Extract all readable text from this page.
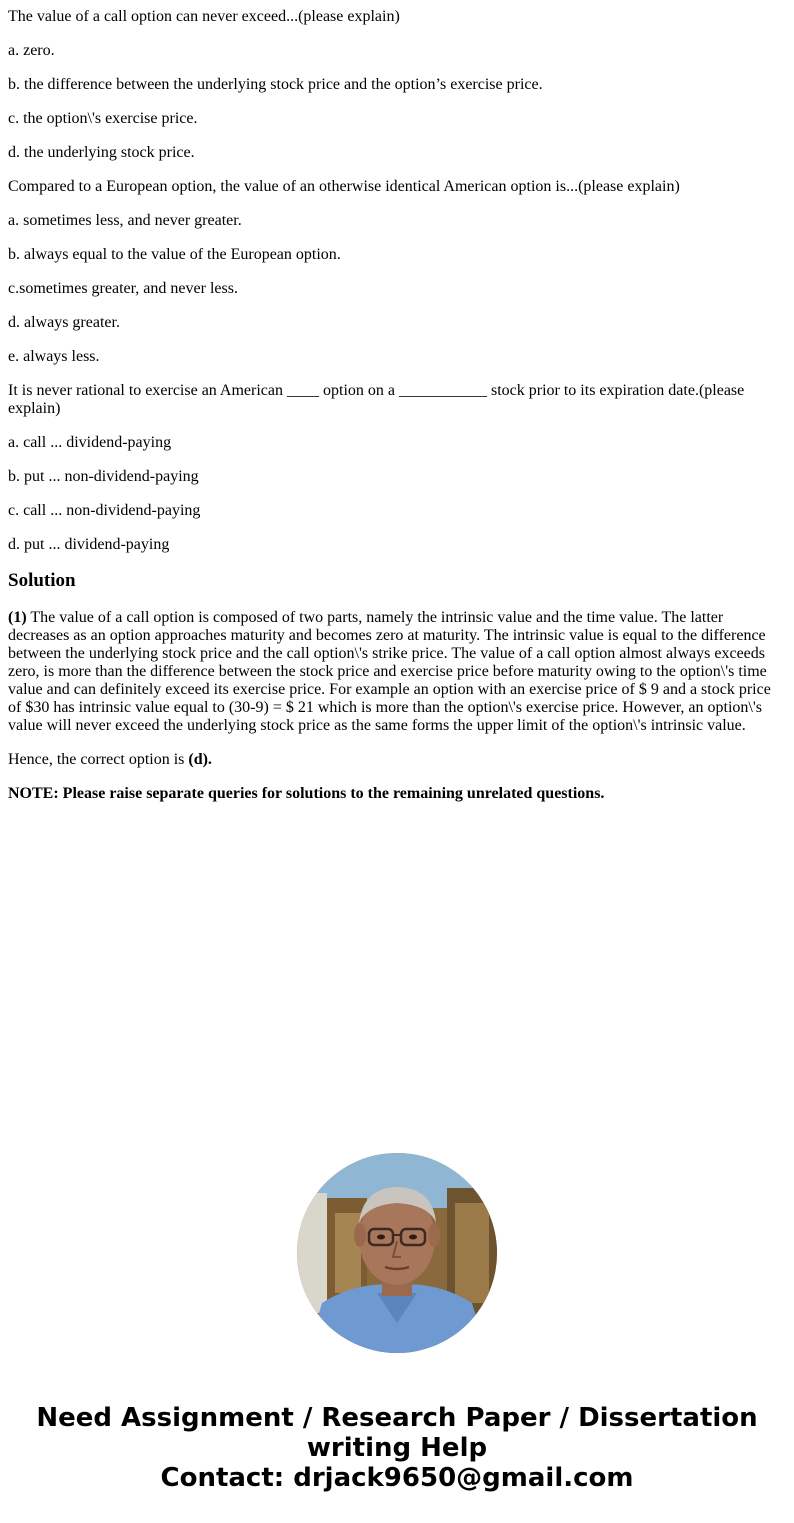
The value of a call option can never exceed...(please explain)

a. zero.

b. the difference between the underlying stock price and the option’s exercise price.

c. the option\'s exercise price.

d. the underlying stock price.

Compared to a European option, the value of an otherwise identical American option is...(please explain)

a. sometimes less, and never greater.

b. always equal to the value of the European option.

c.sometimes greater, and never less.

d. always greater.

e. always less.

It is never rational to exercise an American ____ option on a ___________ stock prior to its expiration date.(please explain)

a. call ... dividend-paying

b. put ... non-dividend-paying

c. call ... non-dividend-paying

d. put ... dividend-paying

Solution

(1) The value of a call option is composed of two parts, namely the intrinsic value and the time value. The latter decreases as an option approaches maturity and becomes zero at maturity. The intrinsic value is equal to the difference between the underlying stock price and the call option\'s strike price. The value of a call option almost always exceeds zero, is more than the difference between the stock price and exercise price before maturity owing to the option\'s time value and can definitely exceed its exercise price. For example an option with an exercise price of $ 9 and a stock price of $30 has intrinsic value equal to (30-9) = $ 21 which is more than the option\'s exercise price. However, an option\'s value will never exceed the underlying stock price as the same forms the upper limit of the option\'s intrinsic value.

Hence, the correct option is (d).

NOTE: Please raise separate queries for solutions to the remaining unrelated questions.

Need Assignment / Research Paper / Dissertation
writing Help
Contact: drjack9650@gmail.com
